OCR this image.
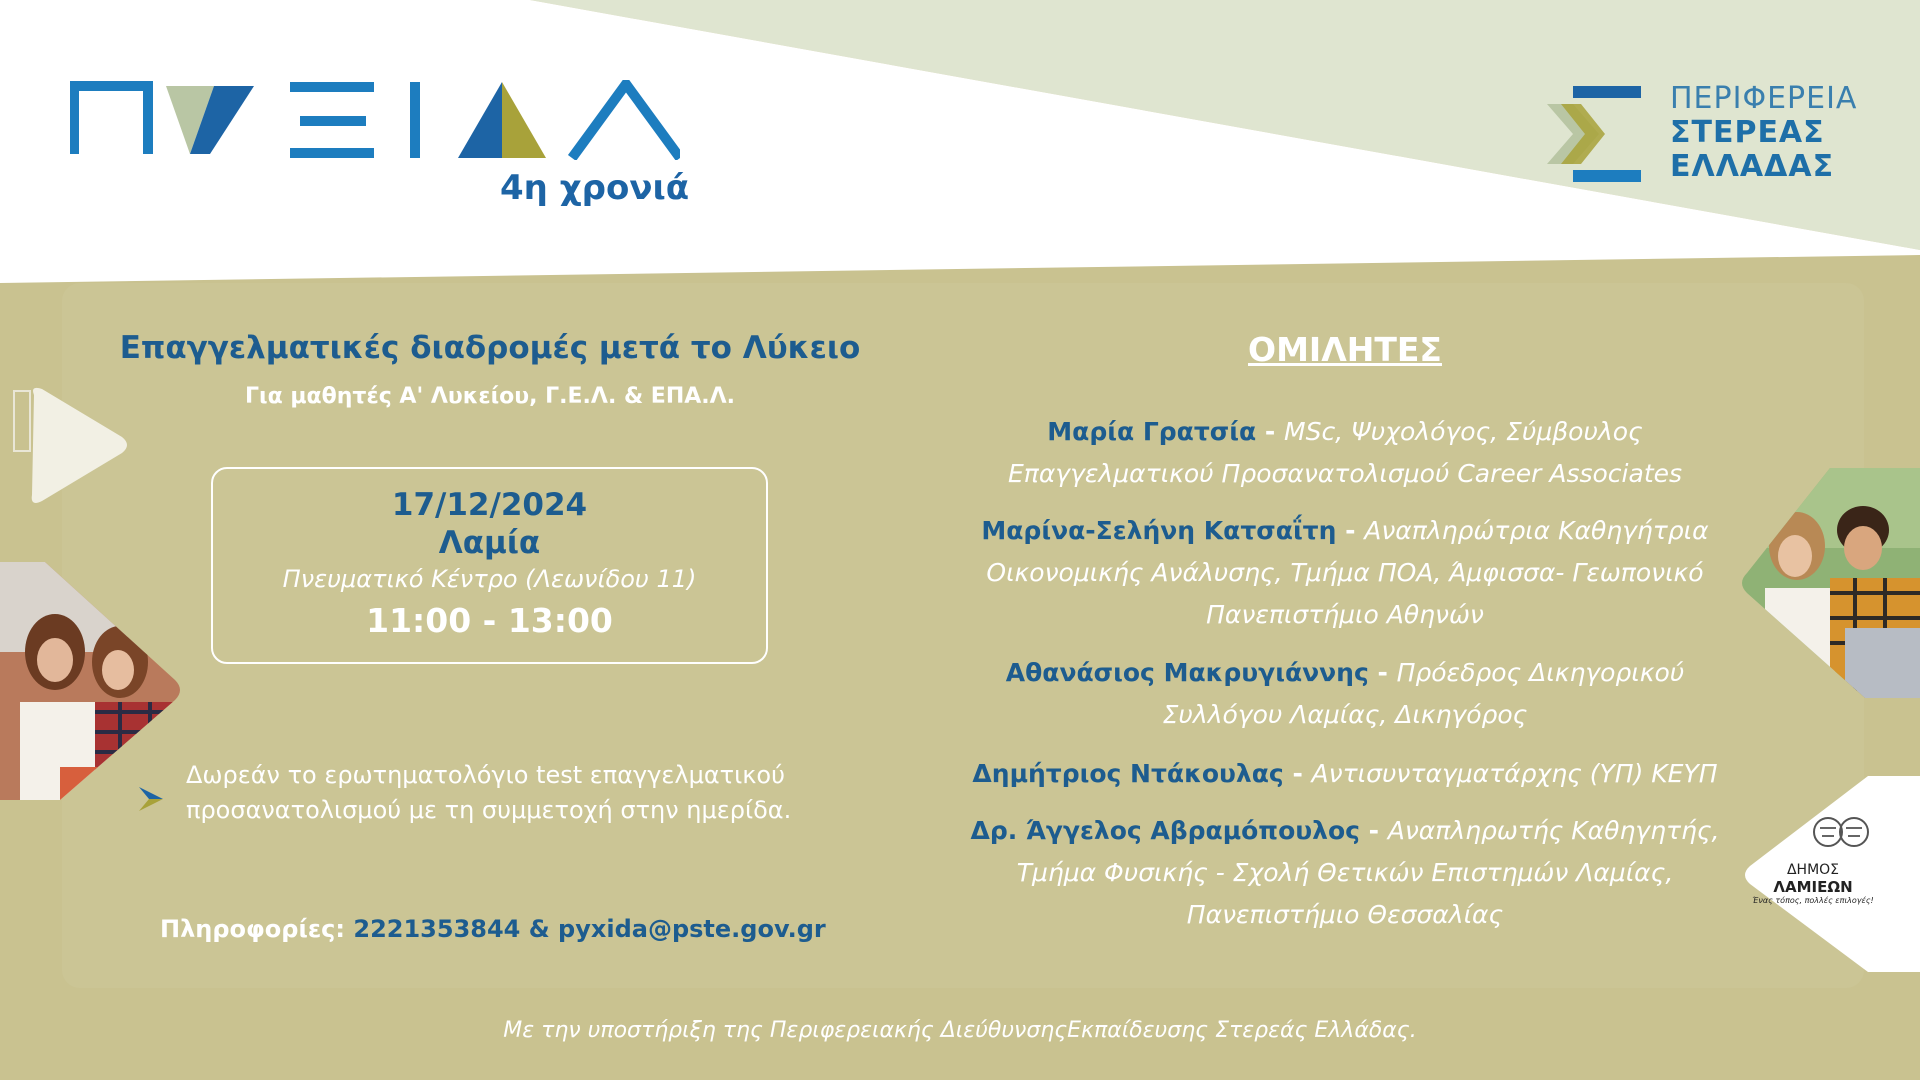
ΔΗΜΟΣ
ΛΑΜΙΕΩΝ
Ένας τόπος, πολλές επιλογές!
4η χρονιά
ΠΕΡΙΦΕΡΕΙΑ
ΣΤΕΡΕΑΣ
ΕΛΛΑΔΑΣ
Επαγγελματικές διαδρομές μετά το Λύκειο
Για μαθητές Α' Λυκείου, Γ.Ε.Λ. & ΕΠΑ.Λ.
17/12/2024
Λαμία
Πνευματικό Κέντρο (Λεωνίδου 11)
11:00 - 13:00
Δωρεάν το ερωτηματολόγιο test επαγγελματικού
προσανατολισμού με τη συμμετοχή στην ημερίδα.
Πληροφορίες: 2221353844 & pyxida@pste.gov.gr
ΟΜΙΛΗΤΕΣ
Μαρία Γρατσία - MSc, Ψυχολόγος, Σύμβουλος
Επαγγελματικού Προσανατολισμού Career Associates
Μαρίνα-Σελήνη Κατσαΐτη - Αναπληρώτρια Καθηγήτρια
Οικονομικής Ανάλυσης, Τμήμα ΠΟΑ, Άμφισσα- Γεωπονικό
Πανεπιστήμιο Αθηνών
Αθανάσιος Μακρυγιάννης - Πρόεδρος Δικηγορικού
Συλλόγου Λαμίας, Δικηγόρος
Δημήτριος Ντάκουλας - Αντισυνταγματάρχης (ΥΠ) ΚΕΥΠ
Δρ. Άγγελος Αβραμόπουλος - Αναπληρωτής Καθηγητής,
Τμήμα Φυσικής - Σχολή Θετικών Επιστημών Λαμίας,
Πανεπιστήμιο Θεσσαλίας
Με την υποστήριξη της Περιφερειακής ΔιεύθυνσηςΕκπαίδευσης Στερεάς Ελλάδας.
